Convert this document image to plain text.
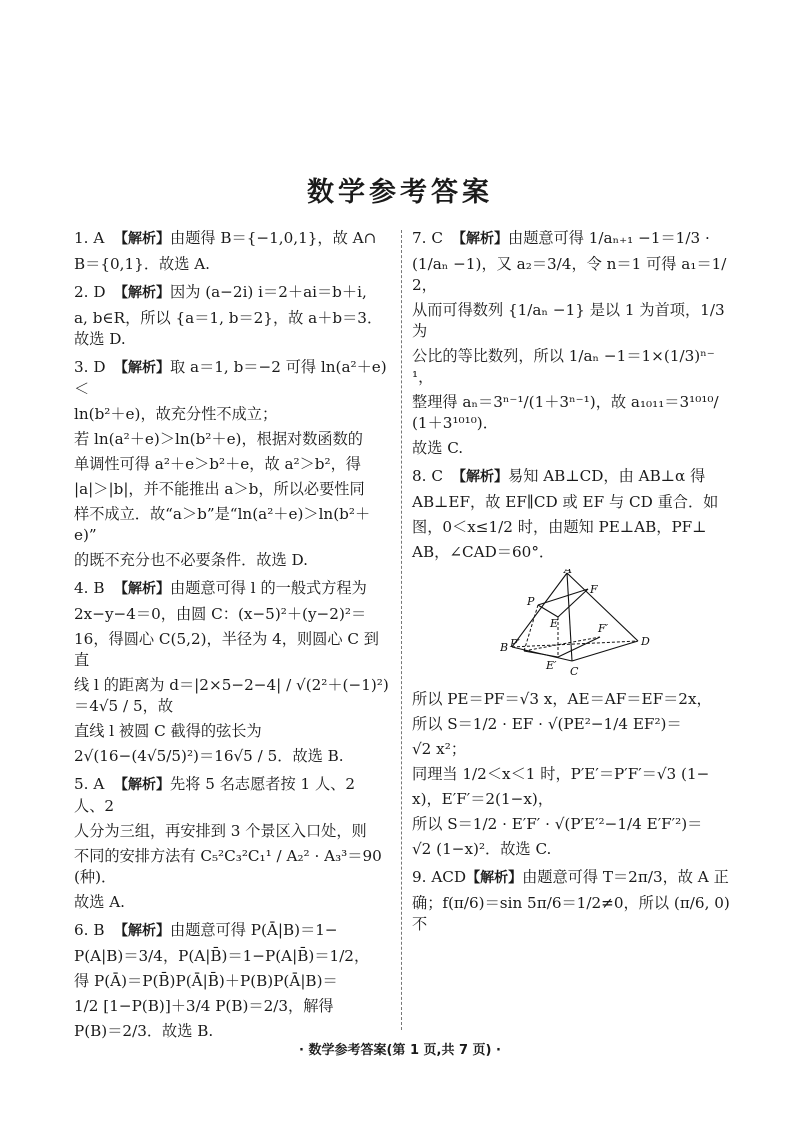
数学参考答案

1. A 【解析】由题得 B＝{−1,0,1}，故 A∩

B＝{0,1}．故选 A.

2. D 【解析】因为 (a−2i) i＝2＋ai＝b＋i,

a, b∈R，所以 {a＝1, b＝2}，故 a＋b＝3．故选 D.

3. D 【解析】取 a＝1, b＝−2 可得 ln(a²＋e)＜

ln(b²＋e)，故充分性不成立；

若 ln(a²＋e)＞ln(b²＋e)，根据对数函数的

单调性可得 a²＋e＞b²＋e，故 a²＞b²，得

|a|＞|b|，并不能推出 a＞b，所以必要性同

样不成立．故“a＞b”是“ln(a²＋e)＞ln(b²＋e)”

的既不充分也不必要条件．故选 D.

4. B 【解析】由题意可得 l 的一般式方程为

2x−y−4＝0，由圆 C：(x−5)²＋(y−2)²＝

16，得圆心 C(5,2)，半径为 4，则圆心 C 到直

线 l 的距离为 d＝|2×5−2−4| / √(2²＋(−1)²)＝4√5 / 5，故

直线 l 被圆 C 截得的弦长为

2√(16−(4√5/5)²)＝16√5 / 5．故选 B.

5. A 【解析】先将 5 名志愿者按 1 人、2 人、2

人分为三组，再安排到 3 个景区入口处，则

不同的安排方法有 C₅²C₃²C₁¹ / A₂² · A₃³＝90(种)．

故选 A.

6. B 【解析】由题意可得 P(Ā|B)＝1−

P(A|B)＝3/4，P(A|B̄)＝1−P(A|B̄)＝1/2，

得 P(Ā)＝P(B̄)P(Ā|B̄)＋P(B)P(Ā|B)＝

1/2 [1−P(B)]＋3/4 P(B)＝2/3，解得

P(B)＝2/3．故选 B.

7. C 【解析】由题意可得 1/aₙ₊₁ −1＝1/3 ·

(1/aₙ −1)，又 a₂＝3/4，令 n＝1 可得 a₁＝1/2，

从而可得数列 {1/aₙ −1} 是以 1 为首项，1/3 为

公比的等比数列，所以 1/aₙ −1＝1×(1/3)ⁿ⁻¹，

整理得 aₙ＝3ⁿ⁻¹/(1＋3ⁿ⁻¹)，故 a₁₀₁₁＝3¹⁰¹⁰/(1＋3¹⁰¹⁰)．

故选 C.

8. C 【解析】易知 AB⊥CD，由 AB⊥α 得

AB⊥EF，故 EF∥CD 或 EF 与 CD 重合．如

图，0＜x≤1/2 时，由题知 PE⊥AB，PF⊥

AB，∠CAD＝60°．

A
P
E
F
B P′
E′
F′
C
D

所以 PE＝PF＝√3 x，AE＝AF＝EF＝2x，

所以 S＝1/2 · EF · √(PE²−1/4 EF²)＝

√2 x²；

同理当 1/2＜x＜1 时，P′E′＝P′F′＝√3 (1−

x)，E′F′＝2(1−x)，

所以 S＝1/2 · E′F′ · √(P′E′²−1/4 E′F′²)＝

√2 (1−x)²．故选 C.

9. ACD【解析】由题意可得 T＝2π/3，故 A 正

确；f(π/6)＝sin 5π/6＝1/2≠0，所以 (π/6, 0) 不

· 数学参考答案(第 1 页,共 7 页) ·
